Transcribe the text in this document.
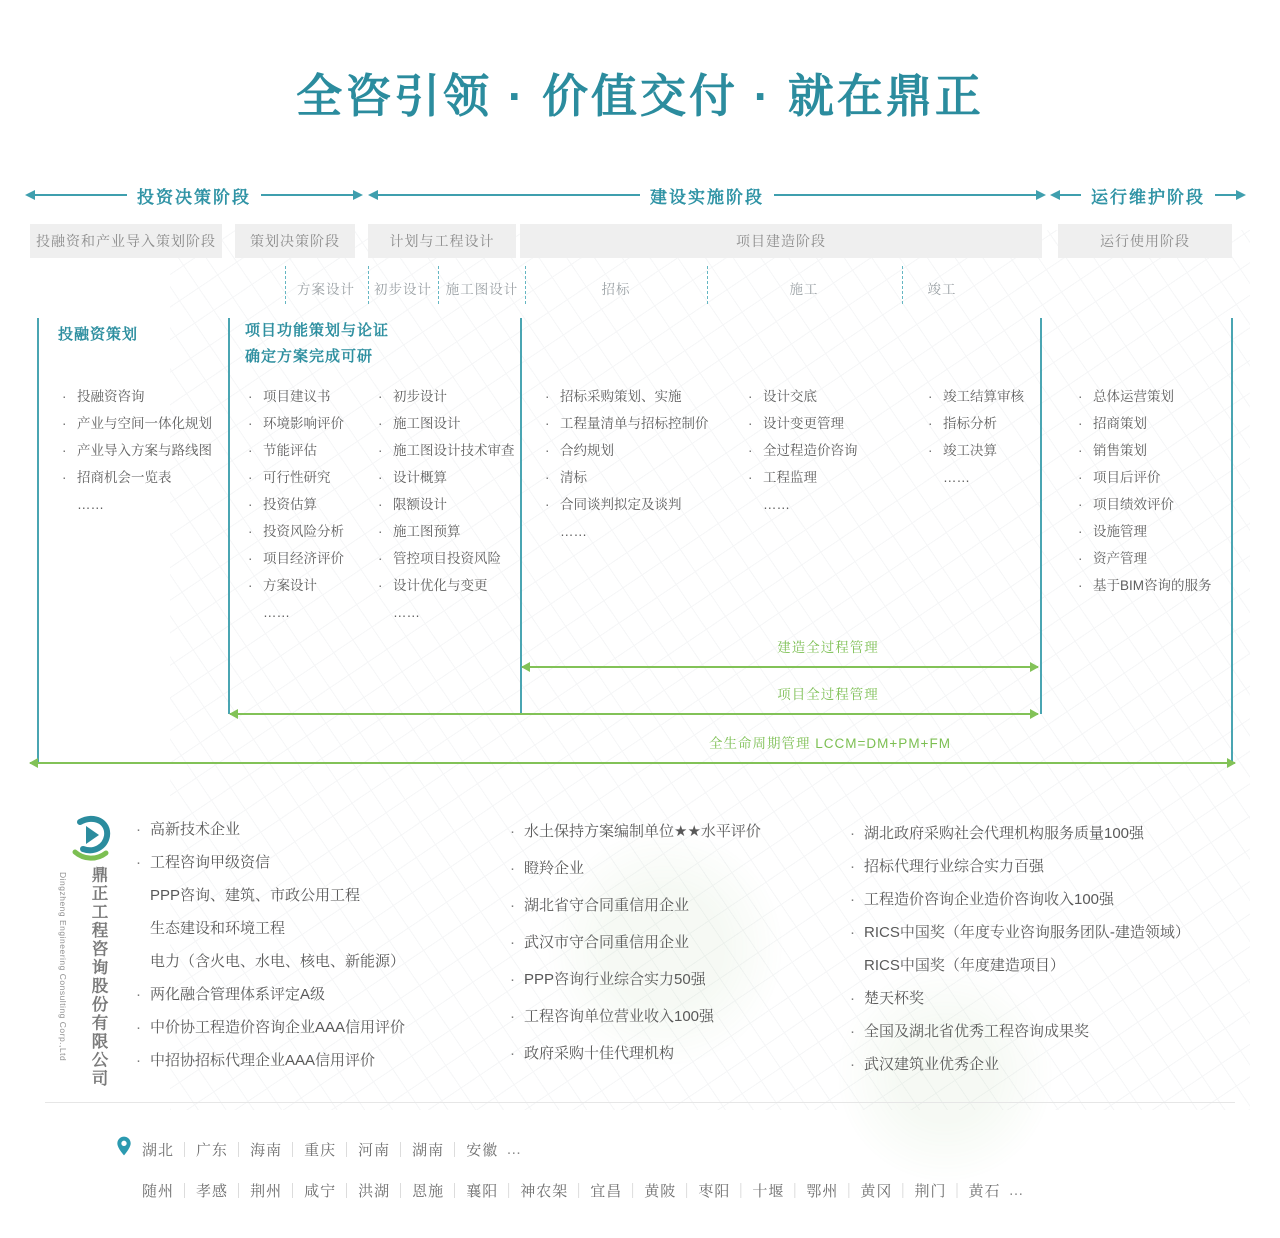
全咨引领 · 价值交付 · 就在鼎正
投资决策阶段	建设实施阶段	运行维护阶段
投融资和产业导入策划阶段	策划决策阶段	计划与工程设计	项目建造阶段	运行使用阶段
方案设计 初步设计 施工图设计	招标	施工	竣工
投融资策划	项目功能策划与论证
确定方案完成可研
· 投融资咨询
· 产业与空间一体化规划
· 产业导入方案与路线图
· 招商机会一览表
……
· 项目建议书
· 环境影响评价
· 节能评估
· 可行性研究
· 投资估算
· 投资风险分析
· 项目经济评价
· 方案设计
……
· 初步设计
· 施工图设计
· 施工图设计技术审查
· 设计概算
· 限额设计
· 施工图预算
· 管控项目投资风险
· 设计优化与变更
……
· 招标采购策划、实施
· 工程量清单与招标控制价
· 合约规划
· 清标
· 合同谈判拟定及谈判
……
· 设计交底
· 设计变更管理
· 全过程造价咨询
· 工程监理
……
· 竣工结算审核
· 指标分析
· 竣工决算
……
· 总体运营策划
· 招商策划
· 销售策划
· 项目后评价
· 项目绩效评价
· 设施管理
· 资产管理
· 基于BIM咨询的服务
建造全过程管理
项目全过程管理
全生命周期管理 LCCM=DM+PM+FM
Dingzheng Engineering Consulting Corp.,Ltd 鼎正工程咨询股份有限公司
· 高新技术企业
· 工程咨询甲级资信
PPP咨询、建筑、市政公用工程
生态建设和环境工程
电力（含火电、水电、核电、新能源）
· 两化融合管理体系评定A级
· 中价协工程造价咨询企业AAA信用评价
· 中招协招标代理企业AAA信用评价
· 水土保持方案编制单位★★水平评价
· 瞪羚企业
· 湖北省守合同重信用企业
· 武汉市守合同重信用企业
· PPP咨询行业综合实力50强
· 工程咨询单位营业收入100强
· 政府采购十佳代理机构
· 湖北政府采购社会代理机构服务质量100强
· 招标代理行业综合实力百强
· 工程造价咨询企业造价咨询收入100强
· RICS中国奖（年度专业咨询服务团队-建造领域）
RICS中国奖（年度建造项目）
· 楚天杯奖
· 全国及湖北省优秀工程咨询成果奖
· 武汉建筑业优秀企业
湖北 ｜	广东 ｜	海南 ｜	重庆 ｜	河南 ｜	湖南 ｜	安徽 …
随州 ｜	孝感 ｜	荆州 ｜	咸宁 ｜	洪湖 ｜	恩施 ｜	襄阳 ｜	神农架 ｜	宜昌 ｜	黄陂 ｜	枣阳 ｜	十堰 ｜	鄂州 ｜	黄冈 ｜	荆门 ｜	黄石 …
